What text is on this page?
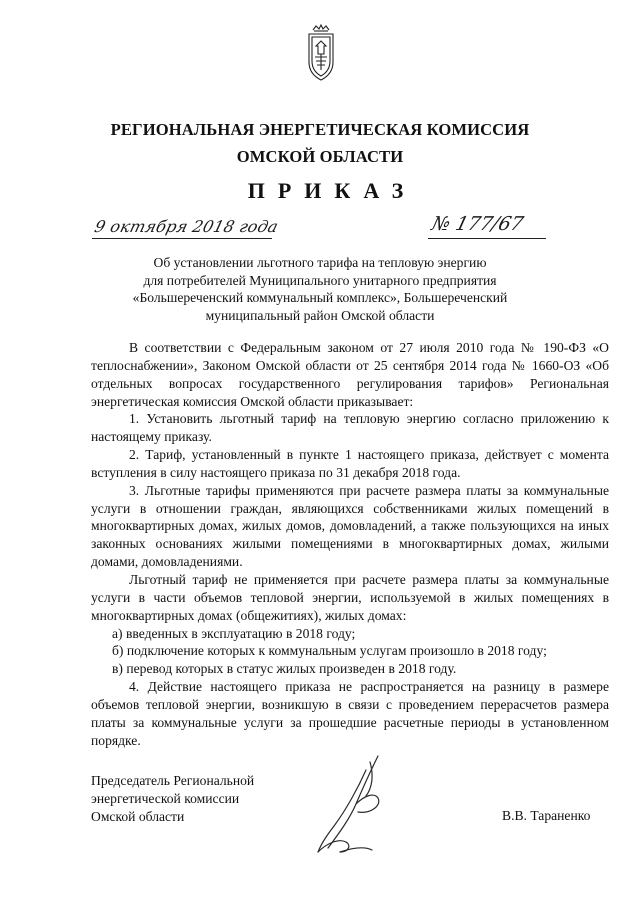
РЕГИОНАЛЬНАЯ ЭНЕРГЕТИЧЕСКАЯ КОМИССИЯ
ОМСКОЙ ОБЛАСТИ
ПРИКАЗ
9 октября 2018 года	№ 177/67
Об установлении льготного тарифа на тепловую энергию
для потребителей Муниципального унитарного предприятия
«Большереченский коммунальный комплекс», Большереченский
муниципальный район Омской области

В соответствии с Федеральным законом от 27 июля 2010 года № 190-ФЗ «О теплоснабжении», Законом Омской области от 25 сентября 2014 года № 1660-ОЗ «Об отдельных вопросах государственного регулирования тарифов» Региональная энергетическая комиссия Омской области приказывает:

1. Установить льготный тариф на тепловую энергию согласно приложению к настоящему приказу.

2. Тариф, установленный в пункте 1 настоящего приказа, действует с момента вступления в силу настоящего приказа по 31 декабря 2018 года.

3. Льготные тарифы применяются при расчете размера платы за коммунальные услуги в отношении граждан, являющихся собственниками жилых помещений в многоквартирных домах, жилых домов, домовладений, а также пользующихся на иных законных основаниях жилыми помещениями в многоквартирных домах, жилыми домами, домовладениями.

Льготный тариф не применяется при расчете размера платы за коммунальные услуги в части объемов тепловой энергии, используемой в жилых помещениях в многоквартирных домах (общежитиях), жилых домах:

а) введенных в эксплуатацию в 2018 году;

б) подключение которых к коммунальным услугам произошло в 2018 году;

в) перевод которых в статус жилых произведен в 2018 году.

4. Действие настоящего приказа не распространяется на разницу в размере объемов тепловой энергии, возникшую в связи с проведением перерасчетов размера платы за коммунальные услуги за прошедшие расчетные периоды в установленном порядке.

Председатель Региональной
энергетической комиссии
Омской области	В.В. Тараненко
